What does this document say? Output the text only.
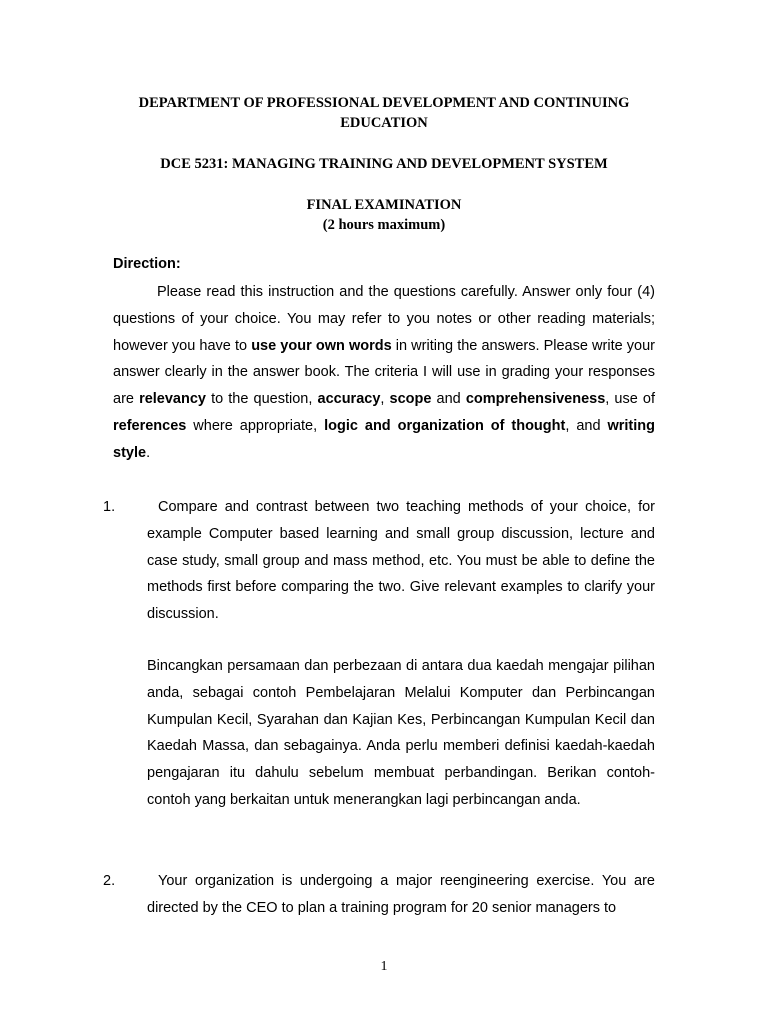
DEPARTMENT OF PROFESSIONAL DEVELOPMENT AND CONTINUING
EDUCATION
DCE 5231: MANAGING TRAINING AND DEVELOPMENT SYSTEM
FINAL EXAMINATION
(2 hours maximum)
Direction:
Please read this instruction and the questions carefully. Answer only four (4) questions of your choice. You may refer to you notes or other reading materials; however you have to use your own words in writing the answers. Please write your answer clearly in the answer book. The criteria I will use in grading your responses are relevancy to the question, accuracy, scope and comprehensiveness, use of references where appropriate, logic and organization of thought, and writing style.
1.	Compare and contrast between two teaching methods of your choice, for example Computer based learning and small group discussion, lecture and case study, small group and mass method, etc. You must be able to define the methods first before comparing the two. Give relevant examples to clarify your discussion.
Bincangkan persamaan dan perbezaan di antara dua kaedah mengajar pilihan anda, sebagai contoh Pembelajaran Melalui Komputer dan Perbincangan Kumpulan Kecil, Syarahan dan Kajian Kes, Perbincangan Kumpulan Kecil dan Kaedah Massa, dan sebagainya. Anda perlu memberi definisi kaedah-kaedah pengajaran itu dahulu sebelum membuat perbandingan. Berikan contoh-contoh yang berkaitan untuk menerangkan lagi perbincangan anda.
2.	Your organization is undergoing a major reengineering exercise. You are directed by the CEO to plan a training program for 20 senior managers to
1
